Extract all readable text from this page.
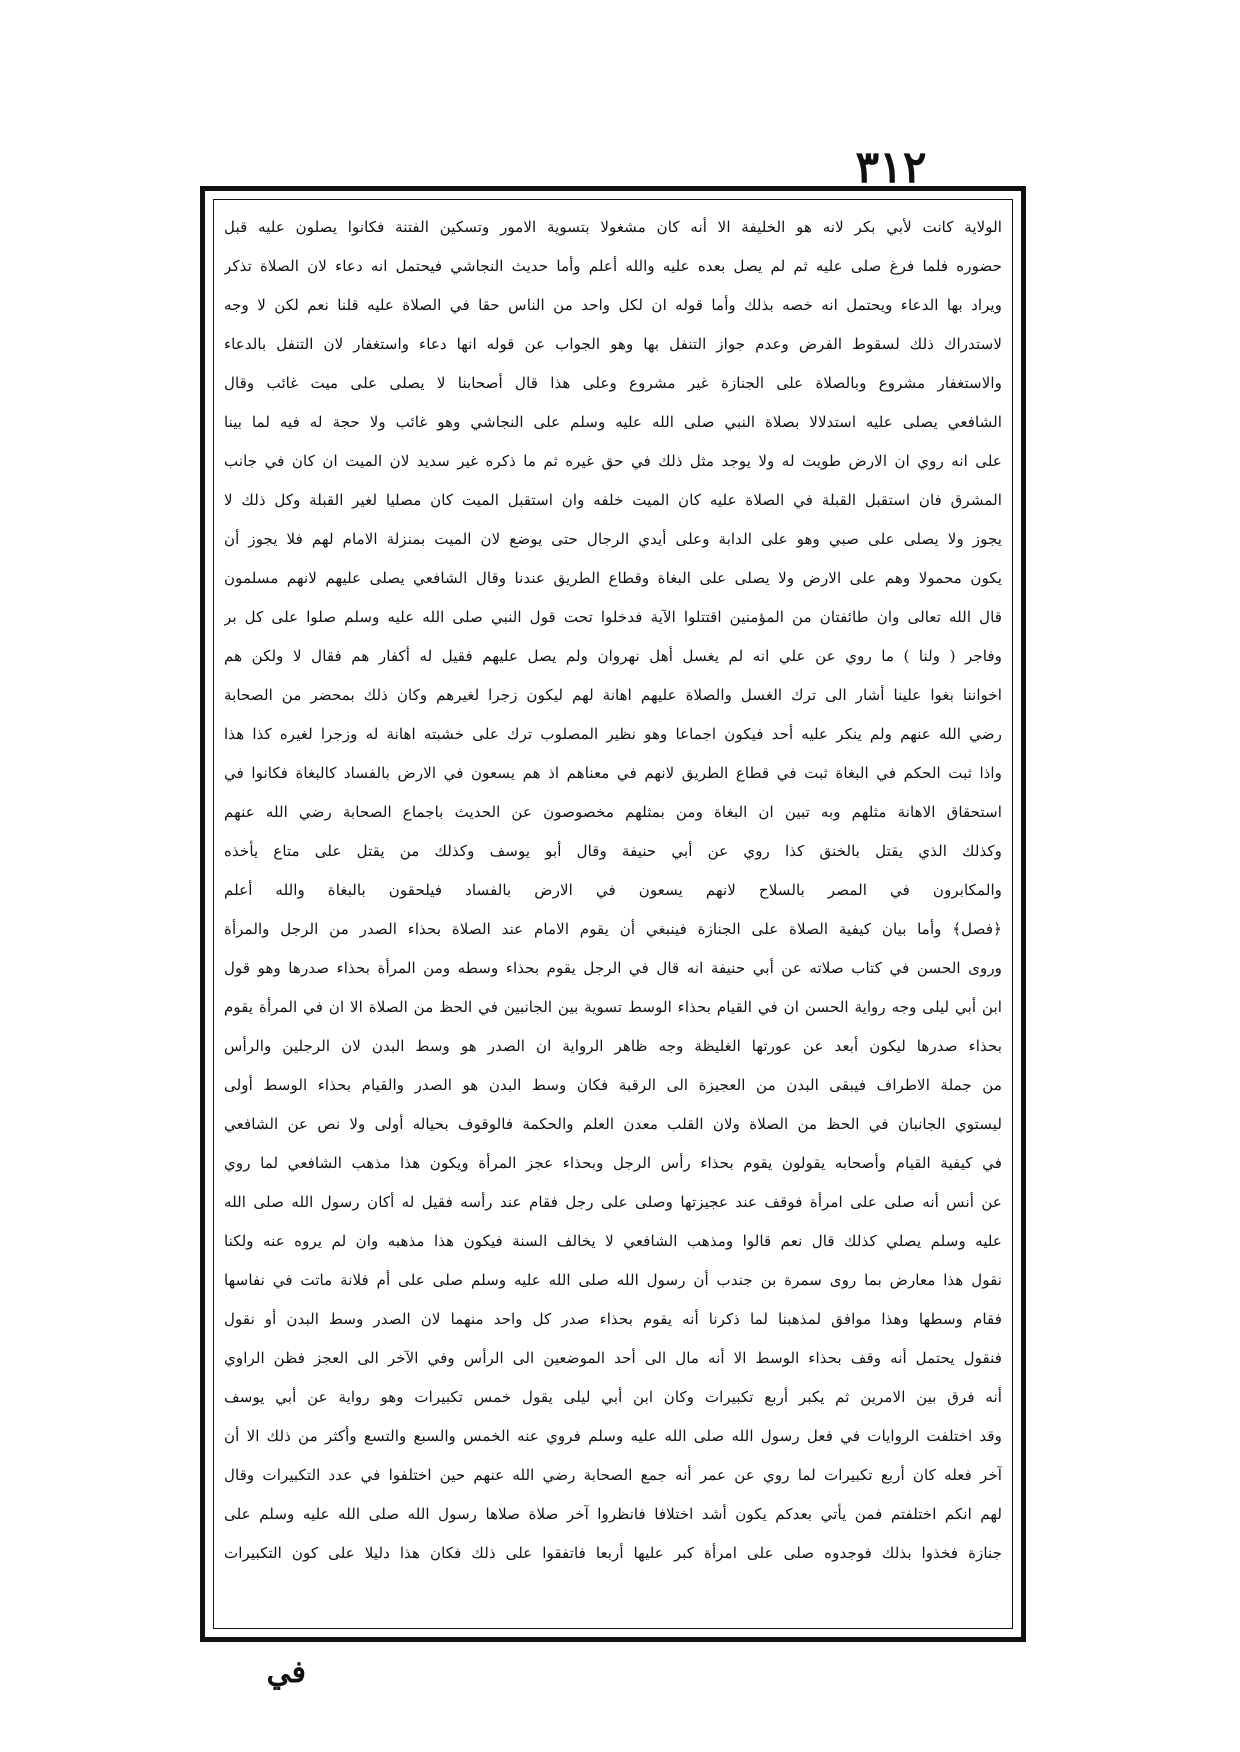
٣١٢
الولاية كانت لأبي بكر لانه هو الخليفة الا أنه كان مشغولا بتسوية الامور وتسكين الفتنة فكانوا يصلون عليه قبل
حضوره فلما فرغ صلى عليه ثم لم يصل بعده عليه والله أعلم وأما حديث النجاشي فيحتمل انه دعاء لان الصلاة تذكر
ويراد بها الدعاء ويحتمل انه خصه بذلك وأما قوله ان لكل واحد من الناس حقا في الصلاة عليه قلنا نعم لكن لا وجه
لاستدراك ذلك لسقوط الفرض وعدم جواز التنفل بها وهو الجواب عن قوله انها دعاء واستغفار لان التنفل بالدعاء
والاستغفار مشروع وبالصلاة على الجنازة غير مشروع وعلى هذا قال أصحابنا لا يصلى على ميت غائب وقال
الشافعي يصلى عليه استدلالا بصلاة النبي صلى الله عليه وسلم على النجاشي وهو غائب ولا حجة له فيه لما بينا
على انه روي ان الارض طويت له ولا يوجد مثل ذلك في حق غيره ثم ما ذكره غير سديد لان الميت ان كان في جانب
المشرق فان استقبل القبلة في الصلاة عليه كان الميت خلفه وان استقبل الميت كان مصليا لغير القبلة وكل ذلك لا
يجوز ولا يصلى على صبي وهو على الدابة وعلى أيدي الرجال حتى يوضع لان الميت بمنزلة الامام لهم فلا يجوز أن
يكون محمولا وهم على الارض ولا يصلى على البغاة وقطاع الطريق عندنا وقال الشافعي يصلى عليهم لانهم مسلمون
قال الله تعالى وان طائفتان من المؤمنين اقتتلوا الآية فدخلوا تحت قول النبي صلى الله عليه وسلم صلوا على كل بر
وفاجر ( ولنا ) ما روي عن علي انه لم يغسل أهل نهروان ولم يصل عليهم فقيل له أكفار هم فقال لا ولكن هم
اخواننا بغوا علينا أشار الى ترك الغسل والصلاة عليهم اهانة لهم ليكون زجرا لغيرهم وكان ذلك بمحضر من الصحابة
رضي الله عنهم ولم ينكر عليه أحد فيكون اجماعا وهو نظير المصلوب ترك على خشبته اهانة له وزجرا لغيره كذا هذا
واذا ثبت الحكم في البغاة ثبت في قطاع الطريق لانهم في معناهم اذ هم يسعون في الارض بالفساد كالبغاة فكانوا في
استحقاق الاهانة مثلهم وبه تبين ان البغاة ومن بمثلهم مخصوصون عن الحديث باجماع الصحابة رضي الله عنهم
وكذلك الذي يقتل بالخنق كذا روي عن أبي حنيفة وقال أبو يوسف وكذلك من يقتل على متاع يأخذه
والمكابرون في المصر بالسلاح لانهم يسعون في الارض بالفساد فيلحقون بالبغاة والله أعلم
﴿فصل﴾ وأما بيان كيفية الصلاة على الجنازة فينبغي أن يقوم الامام عند الصلاة بحذاء الصدر من الرجل والمرأة
وروى الحسن في كتاب صلاته عن أبي حنيفة انه قال في الرجل يقوم بحذاء وسطه ومن المرأة بحذاء صدرها وهو قول
ابن أبي ليلى وجه رواية الحسن ان في القيام بحذاء الوسط تسوية بين الجانبين في الحظ من الصلاة الا ان في المرأة يقوم
بحذاء صدرها ليكون أبعد عن عورتها الغليظة وجه ظاهر الرواية ان الصدر هو وسط البدن لان الرجلين والرأس
من جملة الاطراف فيبقى البدن من العجيزة الى الرقبة فكان وسط البدن هو الصدر والقيام بحذاء الوسط أولى
ليستوي الجانبان في الحظ من الصلاة ولان القلب معدن العلم والحكمة فالوقوف بحياله أولى ولا نص عن الشافعي
في كيفية القيام وأصحابه يقولون يقوم بحذاء رأس الرجل وبحذاء عجز المرأة ويكون هذا مذهب الشافعي لما روي
عن أنس أنه صلى على امرأة فوقف عند عجيزتها وصلى على رجل فقام عند رأسه فقيل له أكان رسول الله صلى الله
عليه وسلم يصلي كذلك قال نعم قالوا ومذهب الشافعي لا يخالف السنة فيكون هذا مذهبه وان لم يروه عنه ولكنا
نقول هذا معارض بما روى سمرة بن جندب أن رسول الله صلى الله عليه وسلم صلى على أم فلانة ماتت في نفاسها
فقام وسطها وهذا موافق لمذهبنا لما ذكرنا أنه يقوم بحذاء صدر كل واحد منهما لان الصدر وسط البدن أو نقول
فنقول يحتمل أنه وقف بحذاء الوسط الا أنه مال الى أحد الموضعين الى الرأس وفي الآخر الى العجز فظن الراوي
أنه فرق بين الامرين ثم يكبر أربع تكبيرات وكان ابن أبي ليلى يقول خمس تكبيرات وهو رواية عن أبي يوسف
وقد اختلفت الروايات في فعل رسول الله صلى الله عليه وسلم فروي عنه الخمس والسبع والتسع وأكثر من ذلك الا أن
آخر فعله كان أربع تكبيرات لما روي عن عمر أنه جمع الصحابة رضي الله عنهم حين اختلفوا في عدد التكبيرات وقال
لهم انكم اختلفتم فمن يأتي بعدكم يكون أشد اختلافا فانظروا آخر صلاة صلاها رسول الله صلى الله عليه وسلم على
جنازة فخذوا بذلك فوجدوه صلى على امرأة كبر عليها أربعا فاتفقوا على ذلك فكان هذا دليلا على كون التكبيرات
في
